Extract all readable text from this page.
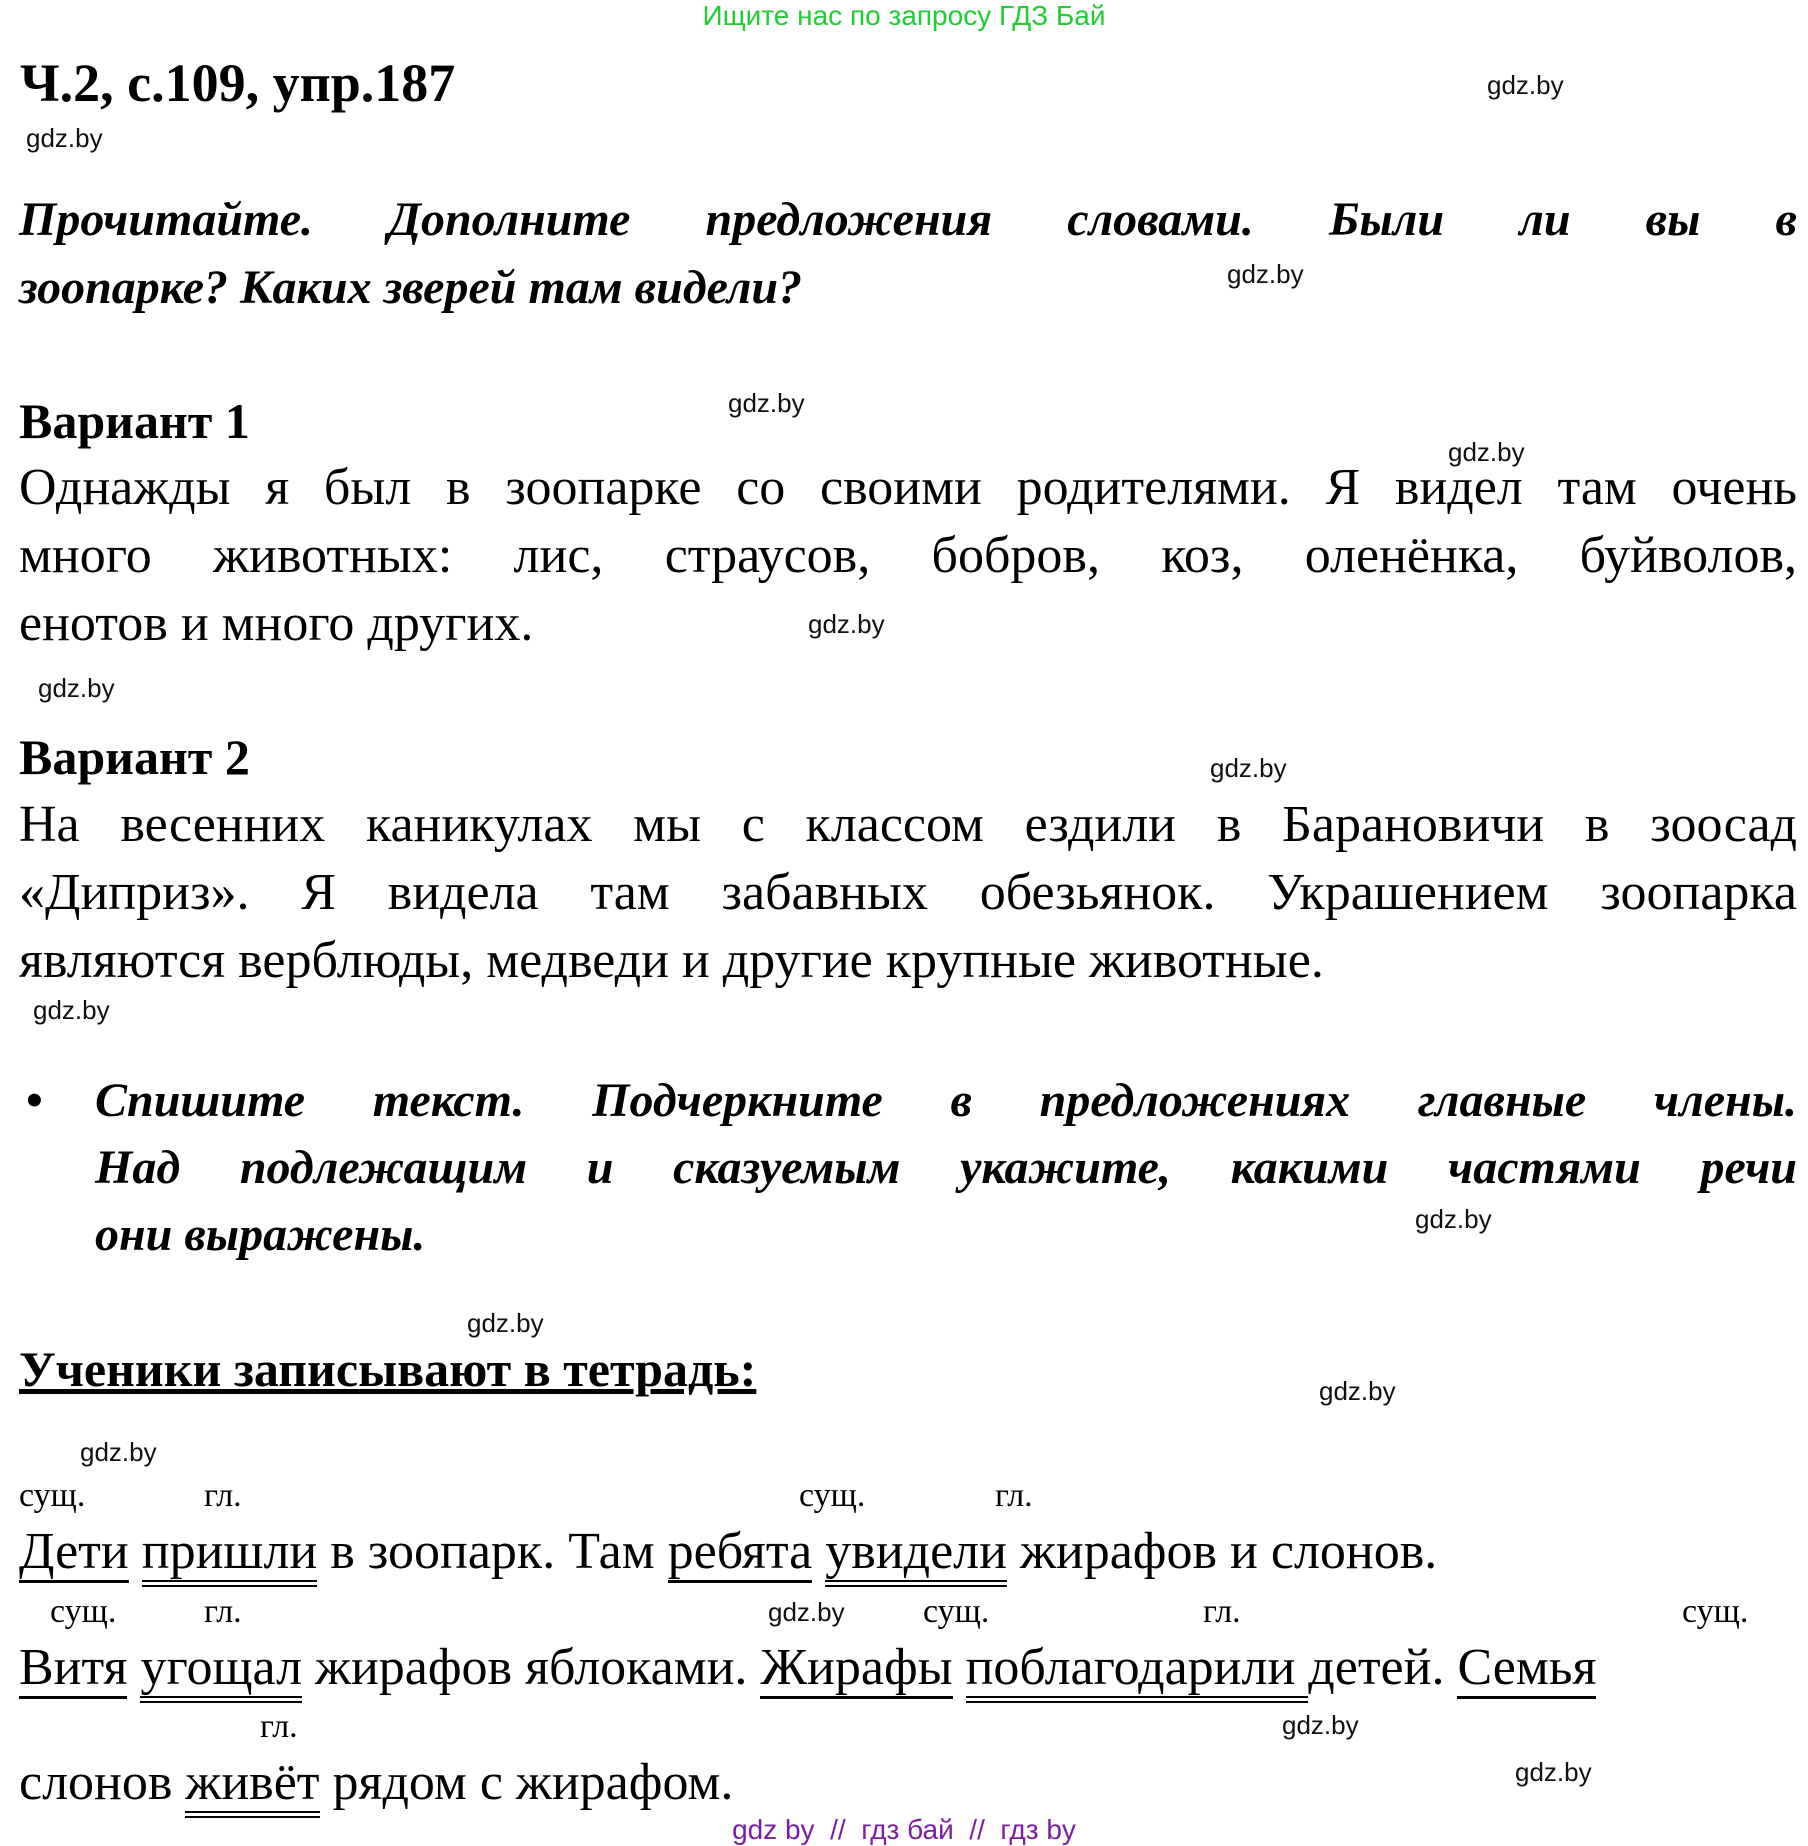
Ищите нас по запросу ГДЗ Бай
Ч.2, с.109, упр.187	gdz.by
gdz.by
gdz.by
gdz.by
gdz.by
gdz.by
gdz.by
gdz.by
gdz.by
gdz.by
gdz.by
gdz.by
gdz.by
gdz.by
gdz.by
gdz.by
Прочитайте. Дополните предложения словами. Были ли вы в
зоопарке? Каких зверей там видели?
Вариант 1
Однажды я был в зоопарке со своими родителями. Я видел там очень
много животных: лис, страусов, бобров, коз, оленёнка, буйволов,
енотов и много других.
Вариант 2
На весенних каникулах мы с классом ездили в Барановичи в зоосад
«Диприз». Я видела там забавных обезьянок. Украшением зоопарка
являются верблюды, медведи и другие крупные животные.
• Спишите текст. Подчеркните в предложениях главные члены.
Над подлежащим и сказуемым укажите, какими частями речи
они выражены.
Ученики записывают в тетрадь:
сущ.	гл.	сущ.	гл.
сущ.	гл.	сущ.	гл.	сущ.
гл.
Дети пришли в зоопарк. Там ребята увидели жирафов и слонов.
Витя угощал жирафов яблоками. Жирафы поблагодарили детей. Семья
слонов живёт рядом с жирафом.
gdz by  //  гдз бай  //  гдз by
